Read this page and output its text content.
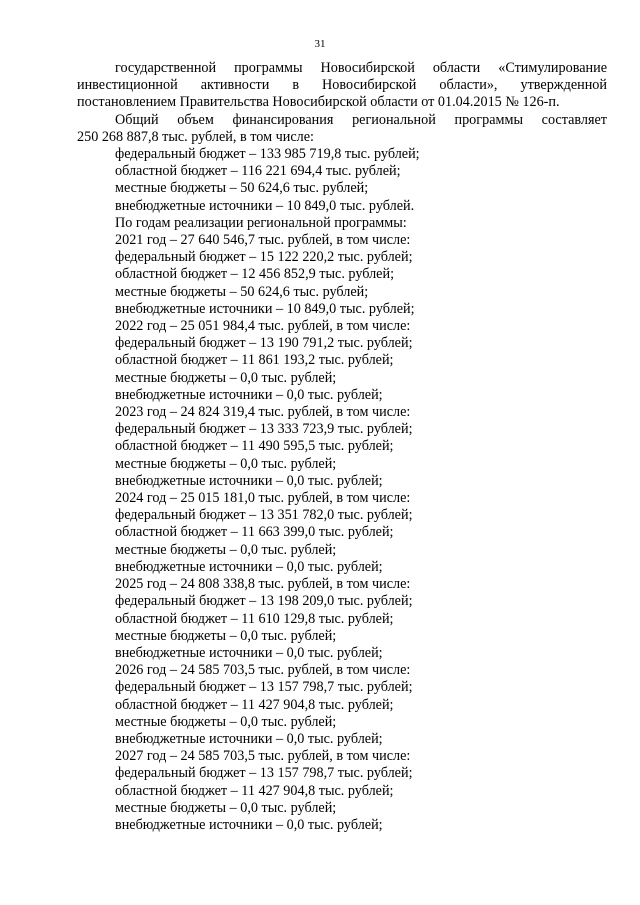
31

государственной программы Новосибирской области «Стимулирование

инвестиционной активности в Новосибирской области», утвержденной

постановлением Правительства Новосибирской области от 01.04.2015 № 126-п.

Общий объем финансирования региональной программы составляет

250 268 887,8 тыс. рублей, в том числе:

федеральный бюджет – 133 985 719,8 тыс. рублей;

областной бюджет – 116 221 694,4 тыс. рублей;

местные бюджеты – 50 624,6 тыс. рублей;

внебюджетные источники – 10 849,0 тыс. рублей.

По годам реализации региональной программы:

2021 год – 27 640 546,7 тыс. рублей, в том числе:

федеральный бюджет – 15 122 220,2 тыс. рублей;

областной бюджет – 12 456 852,9 тыс. рублей;

местные бюджеты – 50 624,6 тыс. рублей;

внебюджетные источники – 10 849,0 тыс. рублей;

2022 год – 25 051 984,4 тыс. рублей, в том числе:

федеральный бюджет – 13 190 791,2 тыс. рублей;

областной бюджет – 11 861 193,2 тыс. рублей;

местные бюджеты – 0,0 тыс. рублей;

внебюджетные источники – 0,0 тыс. рублей;

2023 год – 24 824 319,4 тыс. рублей, в том числе:

федеральный бюджет – 13 333 723,9 тыс. рублей;

областной бюджет – 11 490 595,5 тыс. рублей;

местные бюджеты – 0,0 тыс. рублей;

внебюджетные источники – 0,0 тыс. рублей;

2024 год – 25 015 181,0 тыс. рублей, в том числе:

федеральный бюджет – 13 351 782,0 тыс. рублей;

областной бюджет – 11 663 399,0 тыс. рублей;

местные бюджеты – 0,0 тыс. рублей;

внебюджетные источники – 0,0 тыс. рублей;

2025 год – 24 808 338,8 тыс. рублей, в том числе:

федеральный бюджет – 13 198 209,0 тыс. рублей;

областной бюджет – 11 610 129,8 тыс. рублей;

местные бюджеты – 0,0 тыс. рублей;

внебюджетные источники – 0,0 тыс. рублей;

2026 год – 24 585 703,5 тыс. рублей, в том числе:

федеральный бюджет – 13 157 798,7 тыс. рублей;

областной бюджет – 11 427 904,8 тыс. рублей;

местные бюджеты – 0,0 тыс. рублей;

внебюджетные источники – 0,0 тыс. рублей;

2027 год – 24 585 703,5 тыс. рублей, в том числе:

федеральный бюджет – 13 157 798,7 тыс. рублей;

областной бюджет – 11 427 904,8 тыс. рублей;

местные бюджеты – 0,0 тыс. рублей;

внебюджетные источники – 0,0 тыс. рублей;
